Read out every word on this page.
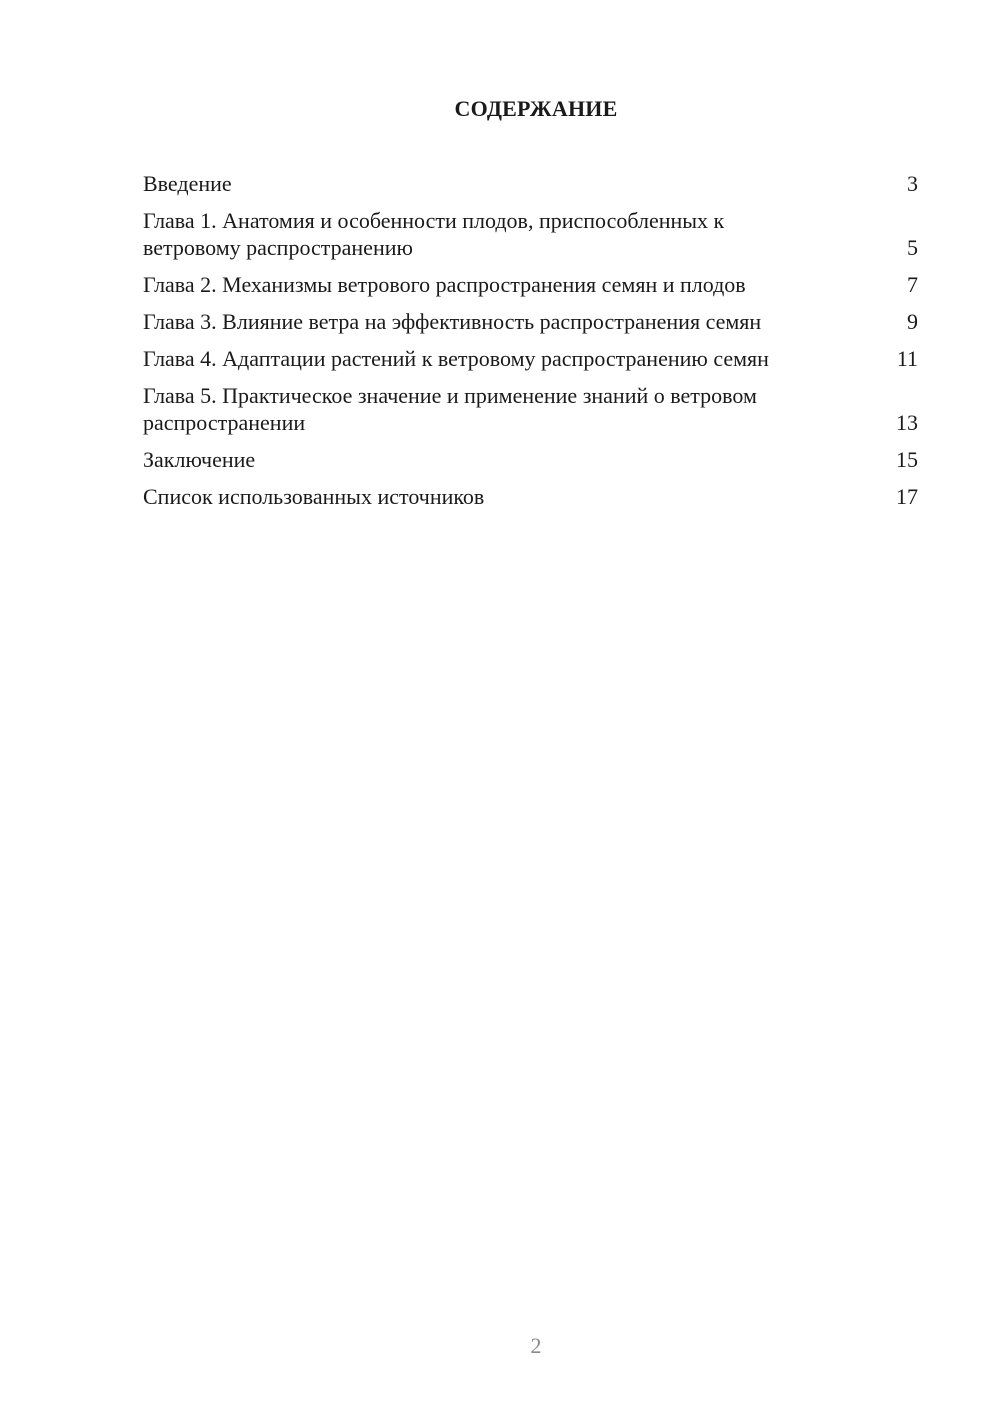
СОДЕРЖАНИЕ
Введение	3
Глава 1. Анатомия и особенности плодов, приспособленных к ветровому распространению	5
Глава 2. Механизмы ветрового распространения семян и плодов	7
Глава 3. Влияние ветра на эффективность распространения семян	9
Глава 4. Адаптации растений к ветровому распространению семян	11
Глава 5. Практическое значение и применение знаний о ветровом распространении	13
Заключение	15
Список использованных источников	17
2
